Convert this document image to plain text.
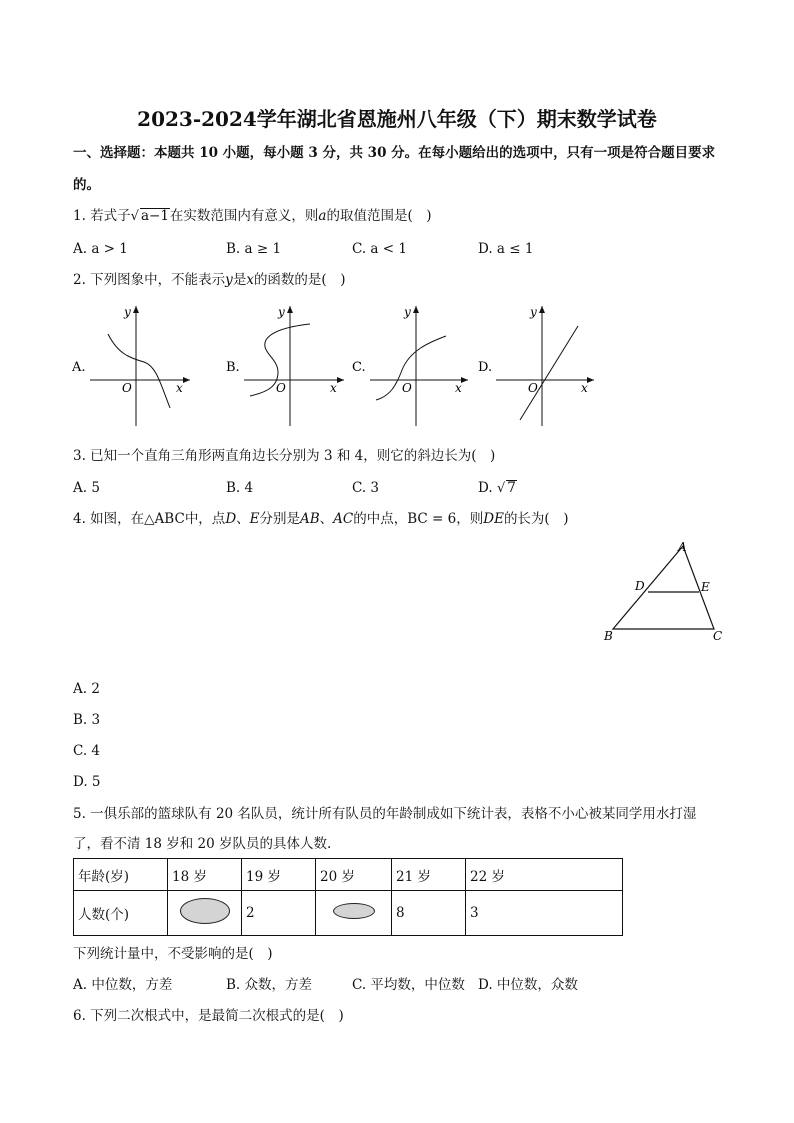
2023-2024学年湖北省恩施州八年级（下）期末数学试卷
一、选择题：本题共 10 小题，每小题 3 分，共 30 分。在每小题给出的选项中，只有一项是符合题目要求
的。
1. 若式子√ a−1在实数范围内有意义，则a的取值范围是(　)
A. a > 1	B. a ≥ 1	C. a < 1	D. a ≤ 1
2. 下列图象中，不能表示y是x的函数的是(　)
A.
y
x
O
B.
y
x
O
C.
y
x
O
D.
y
x
O
3. 已知一个直角三角形两直角边长分别为 3 和 4，则它的斜边长为(　)
A. 5	B. 4	C. 3	D. √ 7
4. 如图，在△ABC中，点D、E分别是AB、AC的中点，BC = 6，则DE的长为(　)
A
D	E
B	C
A. 2
B. 3
C. 4
D. 5
5. 一俱乐部的篮球队有 20 名队员，统计所有队员的年龄制成如下统计表，表格不小心被某同学用水打湿
了，看不清 18 岁和 20 岁队员的具体人数.
年龄(岁)	18 岁	19 岁	20 岁	21 岁	22 岁
人数(个)		2		8	3
下列统计量中，不受影响的是(　)
A. 中位数，方差	B. 众数，方差	C. 平均数，中位数 D. 中位数，众数
6. 下列二次根式中，是最简二次根式的是(　)
